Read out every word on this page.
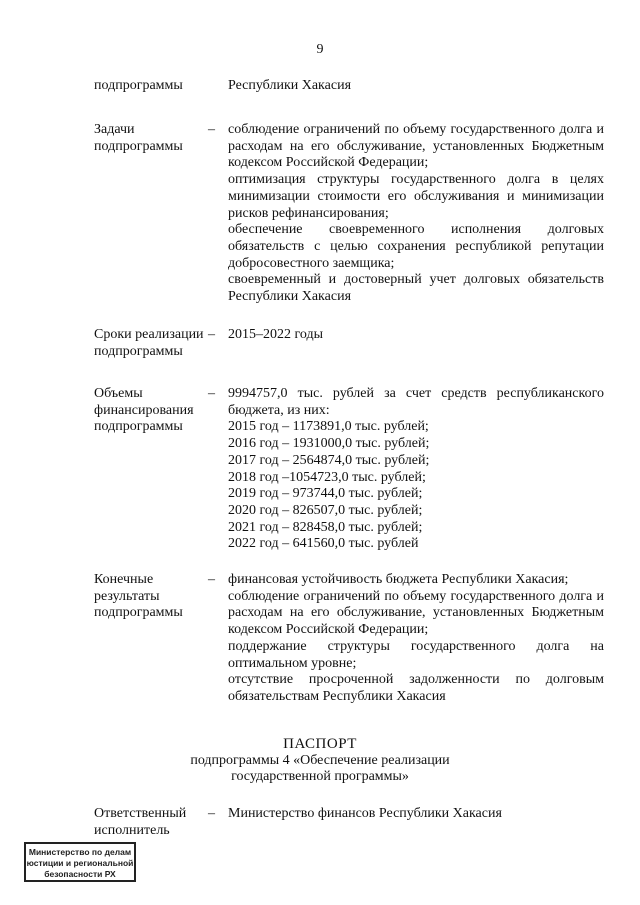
9
подпрограммы	Республики Хакасия
Задачи
подпрограммы
– соблюдение ограничений по объему государственного долга и расходам на его обслуживание, установленных Бюджетным кодексом Российской Федерации;
оптимизация структуры государственного долга в целях минимизации стоимости его обслуживания и минимизации рисков рефинансирования;
обеспечение своевременного исполнения долговых обязательств с целью сохранения республикой репутации добросовестного заемщика;
своевременный и достоверный учет долговых обязательств Республики Хакасия
Сроки реализации
подпрограммы
– 2015–2022 годы
Объемы
финансирования
подпрограммы
– 9994757,0 тыс. рублей за счет средств республиканского бюджета, из них:
2015 год – 1173891,0 тыс. рублей;
2016 год – 1931000,0 тыс. рублей;
2017 год – 2564874,0 тыс. рублей;
2018 год –1054723,0 тыс. рублей;
2019 год – 973744,0 тыс. рублей;
2020 год – 826507,0 тыс. рублей;
2021 год – 828458,0 тыс. рублей;
2022 год – 641560,0 тыс. рублей
Конечные
результаты
подпрограммы
– финансовая устойчивость бюджета Республики Хакасия;
соблюдение ограничений по объему государственного долга и расходам на его обслуживание, установленных Бюджетным кодексом Российской Федерации;
поддержание структуры государственного долга на оптимальном уровне;
отсутствие просроченной задолженности по долговым обязательствам Республики Хакасия
ПАСПОРТ
подпрограммы 4 «Обеспечение реализации
государственной программы»
Ответственный
исполнитель
– Министерство финансов Республики Хакасия
Министерство по делам
юстиции и региональной
безопасности РХ
